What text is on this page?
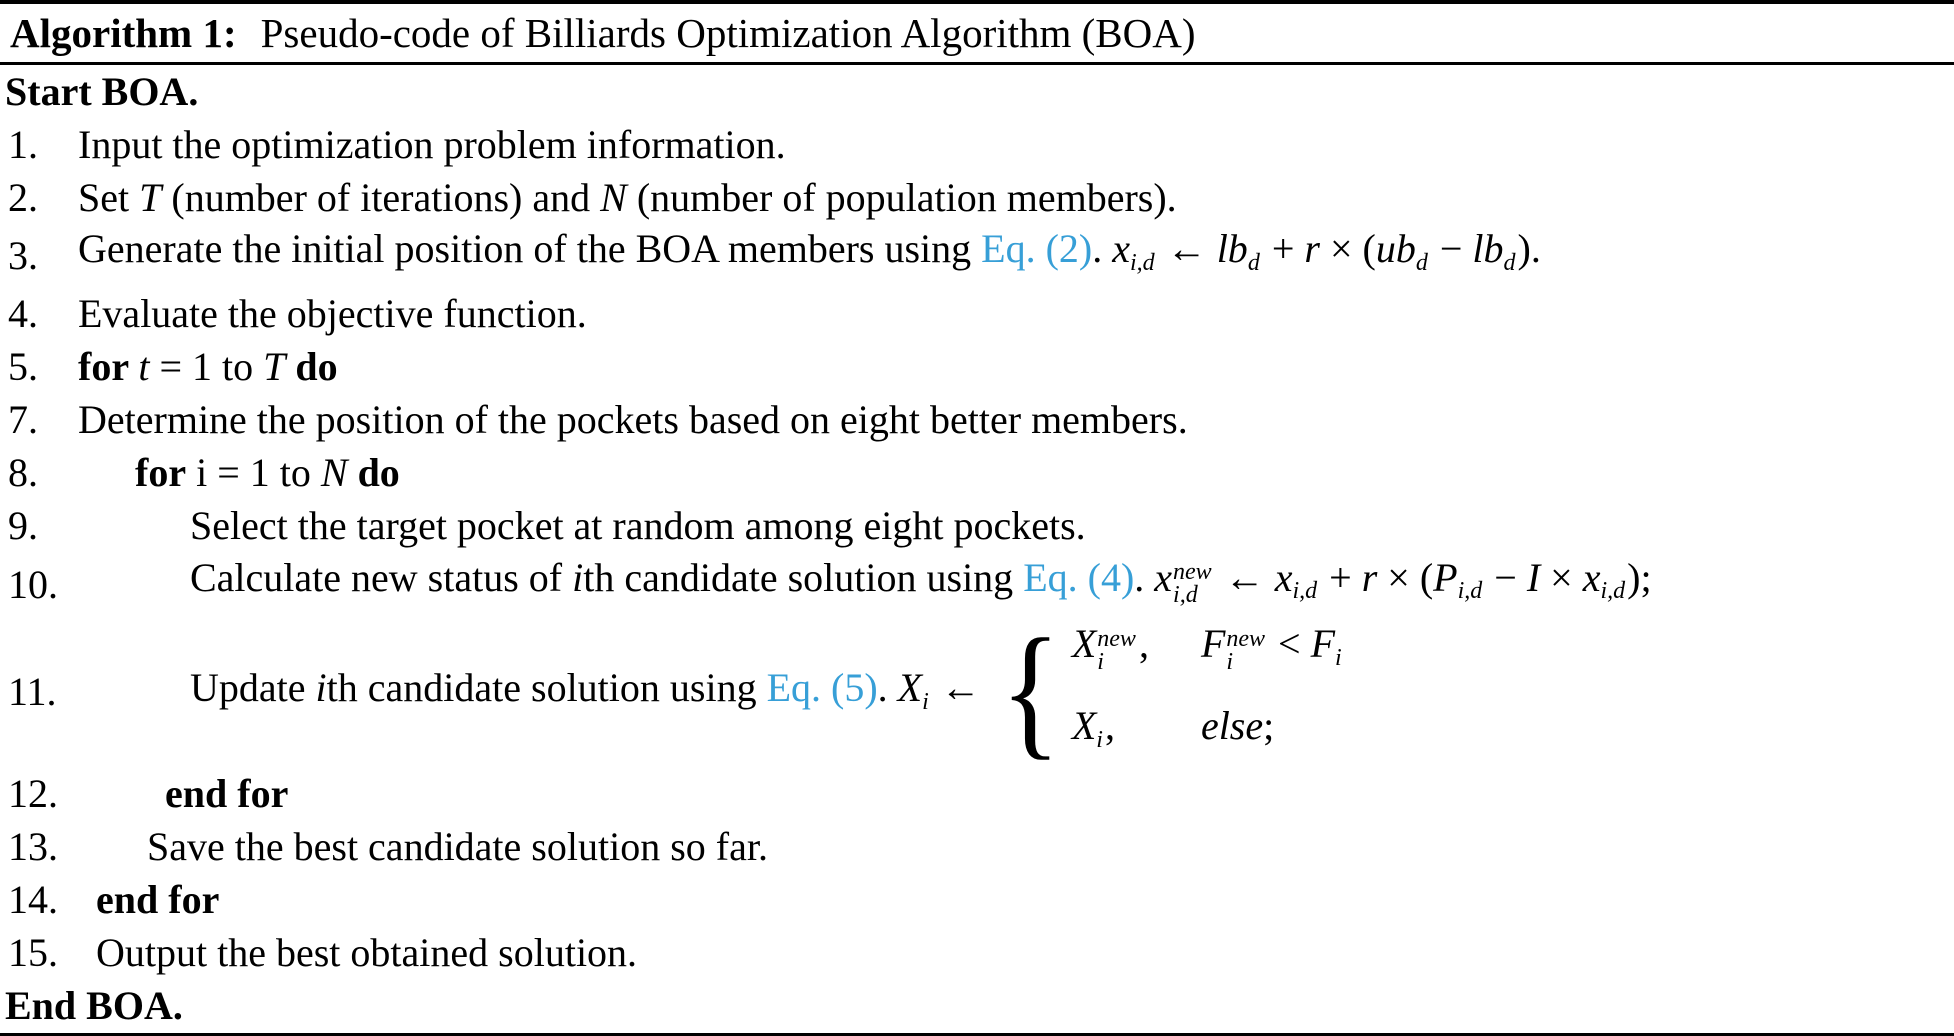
Algorithm 1: Pseudo-code of Billiards Optimization Algorithm (BOA)
Start BOA.
1.	Input the optimization problem information.
2.	Set T (number of iterations) and N (number of population members).
3.	Generate the initial position of the BOA members using Eq. (2). xi,d ← lbd + r × (ubd − lbd).
4.	Evaluate the objective function.
5.	for t = 1 to T do
7.	Determine the position of the pockets based on eight better members.
8.	for i = 1 to N do
9.	Select the target pocket at random among eight pockets.
10.	Calculate new status of ith candidate solution using Eq. (4). x new
i,d ← xi,d + r × (Pi,d − I × xi,d);
11.	Update ith candidate solution using Eq. (5). Xi ← { X new
i , F new
i < Fi
Xi,	else;
12.	end for
13.	Save the best candidate solution so far.
14. end for
15. Output the best obtained solution.
End BOA.
